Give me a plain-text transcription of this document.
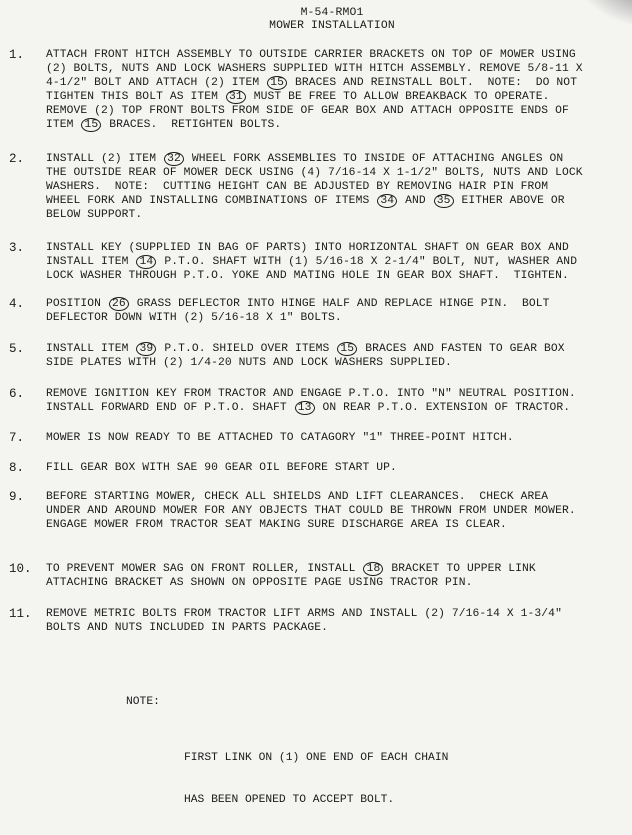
M-54-RMO1
MOWER INSTALLATION
1. ATTACH FRONT HITCH ASSEMBLY TO OUTSIDE CARRIER BRACKETS ON TOP OF MOWER USING
(2) BOLTS, NUTS AND LOCK WASHERS SUPPLIED WITH HITCH ASSEMBLY. REMOVE 5/8-11 X
4-1/2" BOLT AND ATTACH (2) ITEM 15 BRACES AND REINSTALL BOLT.  NOTE:  DO NOT
TIGHTEN THIS BOLT AS ITEM 31 MUST BE FREE TO ALLOW BREAKBACK TO OPERATE.
REMOVE (2) TOP FRONT BOLTS FROM SIDE OF GEAR BOX AND ATTACH OPPOSITE ENDS OF
ITEM 15 BRACES.  RETIGHTEN BOLTS.
2. INSTALL (2) ITEM 32 WHEEL FORK ASSEMBLIES TO INSIDE OF ATTACHING ANGLES ON
THE OUTSIDE REAR OF MOWER DECK USING (4) 7/16-14 X 1-1/2" BOLTS, NUTS AND LOCK
WASHERS.  NOTE:  CUTTING HEIGHT CAN BE ADJUSTED BY REMOVING HAIR PIN FROM
WHEEL FORK AND INSTALLING COMBINATIONS OF ITEMS 34 AND 35 EITHER ABOVE OR
BELOW SUPPORT.
3. INSTALL KEY (SUPPLIED IN BAG OF PARTS) INTO HORIZONTAL SHAFT ON GEAR BOX AND
INSTALL ITEM 14 P.T.O. SHAFT WITH (1) 5/16-18 X 2-1/4" BOLT, NUT, WASHER AND
LOCK WASHER THROUGH P.T.O. YOKE AND MATING HOLE IN GEAR BOX SHAFT.  TIGHTEN.
4. POSITION 26 GRASS DEFLECTOR INTO HINGE HALF AND REPLACE HINGE PIN.  BOLT
DEFLECTOR DOWN WITH (2) 5/16-18 X 1" BOLTS.
5. INSTALL ITEM 39 P.T.O. SHIELD OVER ITEMS 15 BRACES AND FASTEN TO GEAR BOX
SIDE PLATES WITH (2) 1/4-20 NUTS AND LOCK WASHERS SUPPLIED.
6. REMOVE IGNITION KEY FROM TRACTOR AND ENGAGE P.T.O. INTO "N" NEUTRAL POSITION.
INSTALL FORWARD END OF P.T.O. SHAFT 13 ON REAR P.T.O. EXTENSION OF TRACTOR.
7. MOWER IS NOW READY TO BE ATTACHED TO CATAGORY "1" THREE-POINT HITCH.
8. FILL GEAR BOX WITH SAE 90 GEAR OIL BEFORE START UP.
9. BEFORE STARTING MOWER, CHECK ALL SHIELDS AND LIFT CLEARANCES.  CHECK AREA
UNDER AND AROUND MOWER FOR ANY OBJECTS THAT COULD BE THROWN FROM UNDER MOWER.
ENGAGE MOWER FROM TRACTOR SEAT MAKING SURE DISCHARGE AREA IS CLEAR.
10. TO PREVENT MOWER SAG ON FRONT ROLLER, INSTALL 18 BRACKET TO UPPER LINK
ATTACHING BRACKET AS SHOWN ON OPPOSITE PAGE USING TRACTOR PIN.
11. REMOVE METRIC BOLTS FROM TRACTOR LIFT ARMS AND INSTALL (2) 7/16-14 X 1-3/4"
BOLTS AND NUTS INCLUDED IN PARTS PACKAGE.

NOTE:

FIRST LINK ON (1) ONE END OF EACH CHAIN

HAS BEEN OPENED TO ACCEPT BOLT.
